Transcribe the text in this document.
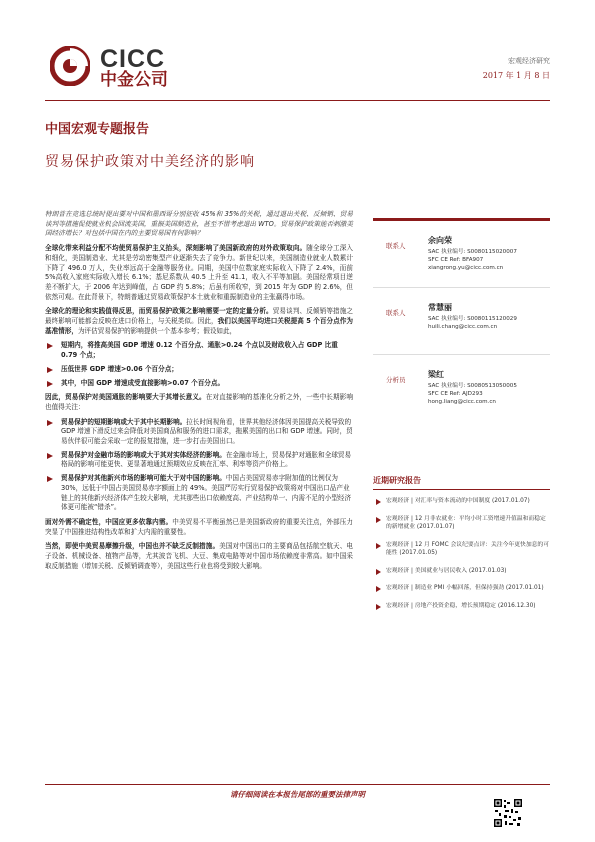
CICC
中金公司
宏观经济研究
2017 年 1 月 8 日
中国宏观专题报告
贸易保护政策对中美经济的影响

特朗普在竞选总统时提出要对中国和墨西哥分别征收 45%和 35%的关税，通过退出关税、反倾销、贸易谈判等措施促使就业机会回流美国，重振美国制造业，甚至不惜考虑退出 WTO。贸易保护政策能否刺激美国经济增长？对包括中国在内的主要贸易国有何影响？

全球化带来利益分配不均使贸易保护主义抬头，深刻影响了美国新政府的对外政策取向。随全球分工深入和细化，美国制造业、尤其是劳动密集型产业逐渐失去了竞争力。新世纪以来，美国制造业就业人数累计下降了 496.0 万人，失业率远高于金融等服务业。同期，美国中位数家庭实际收入下降了 2.4%，而前 5%高收入家庭实际收入增长 6.1%；基尼系数从 40.5 上升至 41.1，收入不平等加剧。美国经常项目逆差不断扩大，于 2006 年达到峰值，占 GDP 约 5.8%；后虽有所收窄，到 2015 年为 GDP 的 2.6%，但依然可观。在此背景下，特朗普通过贸易政策保护本土就业和重振制造业的主张赢得市场。

全球化的理论和实践值得反思，而贸易保护政策之影响需要一定的定量分析。贸易谈判、反倾销等措施之最终影响可能都会反映在进口价格上，与关税类似。因此，我们以美国平均进口关税提高 5 个百分点作为基准情形，为评估贸易保护的影响提供一个基本参考；假设如此，

短期内，将推高美国 GDP 增速 0.12 个百分点、通胀>0.24 个点以及财政收入占 GDP 比重 0.79 个点；
压低世界 GDP 增速>0.06 个百分点；
其中，中国 GDP 增速成受直接影响>0.07 个百分点。

因此，贸易保护对美国通胀的影响要大于其增长意义。在对直接影响的基准化分析之外，一些中长期影响也值得关注：

贸易保护的短期影响或大于其中长期影响。拉长时间视角看，世界其他经济体因美国提高关税导致的 GDP 增速下滑反过来会降低对美国商品和服务的进口需求，拖累美国的出口和 GDP 增速。同时，贸易伙伴很可能会采取一定的报复措施，进一步打击美国出口。
贸易保护对金融市场的影响或大于其对实体经济的影响。在金融市场上，贸易保护对通胀和全球贸易格局的影响可能更快、更显著地通过预期效应反映在汇率、利率等资产价格上。
贸易保护对其他新兴市场的影响可能大于对中国的影响。中国占美国贸易赤字附加值的比例仅为 30%，远低于中国占美国贸易赤字额面上的 49%。美国严厉实行贸易保护政策将对中国出口品产业链上的其他新兴经济体产生较大影响，尤其那些出口依赖度高、产业结构单一、内需不足的小型经济体更可能被“错杀”。

面对外需不确定性，中国应更多依靠内需。中美贸易不平衡虽然已是美国新政府的重要关注点，外部压力突显了中国推进结构性改革和扩大内需的重要性。

当然，即使中美贸易摩擦升级，中国也并不缺乏反制措施。美国对中国出口的主要商品包括航空航天、电子设备、机械设备、植物产品等，尤其波音飞机、大豆、集成电路等对中国市场依赖度非常高。如中国采取反制措施（增加关税、反倾销调查等），美国这些行业也将受到较大影响。

联系人
余向荣
SAC 执业编号: S0080115020007
SFC CE Ref: BFA907
xiangrong.yu@cicc.com.cn
联系人
常慧丽
SAC 执业编号: S0080115120029
huili.chang@cicc.com.cn
分析员
梁红
SAC 执业编号: S0080513050005
SFC CE Ref: AJD293
hong.liang@cicc.com.cn
近期研究报告
宏观经济 | 对汇率与资本流动的中国制度 (2017.01.07)
宏观经济 | 12 月非农就业：平均小时工资增速升值温和而稳定的新增就业 (2017.01.07)
宏观经济 | 12 月 FOMC 会议纪要点评：关注今年更快加息的可能性 (2017.01.05)
宏观经济 | 美国就业与居民收入 (2017.01.03)
宏观经济 | 制造业 PMI 小幅回落，但保持强劲 (2017.01.01)
宏观经济 | 房地产投资企稳，增长预期稳定 (2016.12.30)
请仔细阅读在本报告尾部的重要法律声明
